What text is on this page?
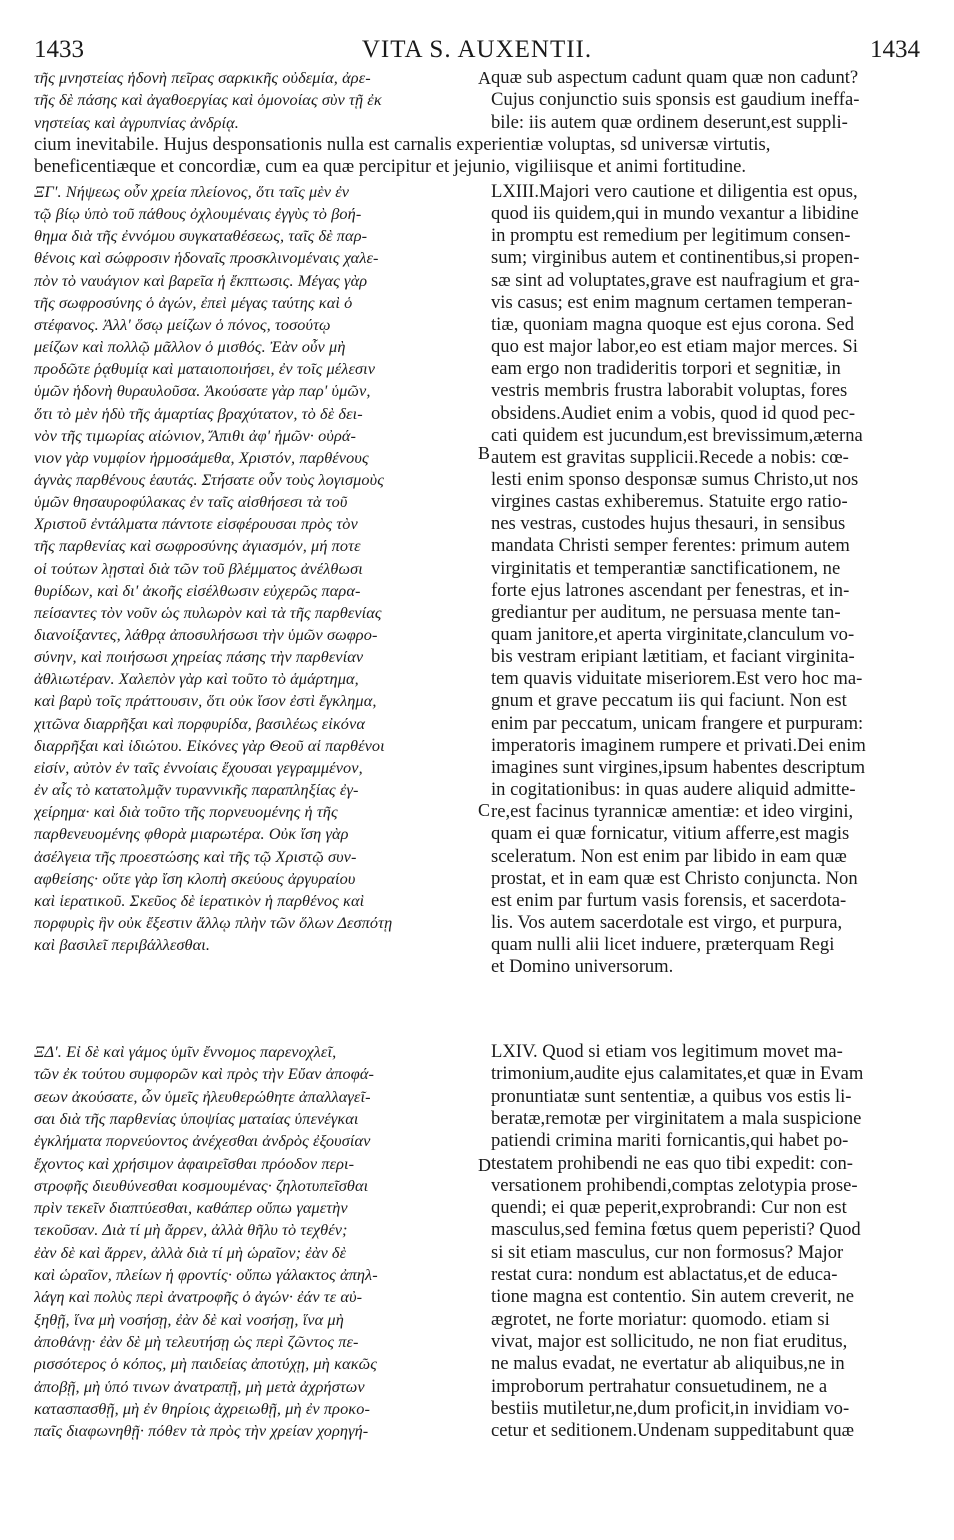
1433	VITA S. AUXENTII.	1434
τῆς μνηστείας ἡδονὴ πεῖρας σαρκικῆς οὐδεμία, ἀρε-
τῆς δὲ πάσης καὶ ἀγαθοεργίας καὶ ὁμονοίας σὺν τῇ ἐκ
νηστείας καὶ ἀγρυπνίας ἀνδρίᾳ.
quæ sub aspectum cadunt quam quæ non cadunt?
Cujus conjunctio suis sponsis est gaudium ineffa-
bile: iis autem quæ ordinem deserunt,est suppli-
cium inevitabile. Hujus desponsationis nulla est carnalis experientiæ voluptas, sd universæ virtutis,
beneficentiæque et concordiæ, cum ea quæ percipitur et jejunio, vigiliisque et animi fortitudine.
ΞΓ'. Νήψεως οὖν χρεία πλείονος, ὅτι ταῖς μὲν ἐν
τῷ βίῳ ὑπὸ τοῦ πάθους ὀχλουμέναις ἐγγὺς τὸ βοή-
θημα διὰ τῆς ἐννόμου συγκαταθέσεως, ταῖς δὲ παρ-
θένοις καὶ σώφροσιν ἡδοναῖς προσκλινομέναις χαλε-
πὸν τὸ ναυάγιον καὶ βαρεῖα ἡ ἔκπτωσις. Μέγας γὰρ
τῆς σωφροσύνης ὁ ἀγών, ἐπεὶ μέγας ταύτης καὶ ὁ
στέφανος. Ἀλλ' ὅσῳ μείζων ὁ πόνος, τοσούτῳ
μείζων καὶ πολλῷ μᾶλλον ὁ μισθός. Ἐὰν οὖν μὴ
προδῶτε ῥᾳθυμίᾳ καὶ ματαιοποιήσει, ἐν τοῖς μέλεσιν
ὑμῶν ἡδονὴ θυραυλοῦσα. Ἀκούσατε γὰρ παρ' ὑμῶν,
ὅτι τὸ μὲν ἡδὺ τῆς ἁμαρτίας βραχύτατον, τὸ δὲ δει-
νὸν τῆς τιμωρίας αἰώνιον, Ἄπιθι ἀφ' ἡμῶν· οὐρά-
νιον γὰρ νυμφίον ἡρμοσάμεθα, Χριστόν, παρθένους
ἁγνὰς παρθένους ἑαυτάς. Στήσατε οὖν τοὺς λογισμοὺς
ὑμῶν θησαυροφύλακας ἐν ταῖς αἰσθήσεσι τὰ τοῦ
Χριστοῦ ἐντάλματα πάντοτε εἰσφέρουσαι πρὸς τὸν
τῆς παρθενίας καὶ σωφροσύνης ἁγιασμόν, μή ποτε
οἱ τούτων λῃσταὶ διὰ τῶν τοῦ βλέμματος ἀνέλθωσι
θυρίδων, καὶ δι' ἀκοῆς εἰσέλθωσιν εὐχερῶς παρα-
πείσαντες τὸν νοῦν ὡς πυλωρὸν καὶ τὰ τῆς παρθενίας
διανοίξαντες, λάθρᾳ ἀποσυλήσωσι τὴν ὑμῶν σωφρο-
σύνην, καὶ ποιήσωσι χηρείας πάσης τὴν παρθενίαν
ἀθλιωτέραν. Χαλεπὸν γὰρ καὶ τοῦτο τὸ ἁμάρτημα,
καὶ βαρὺ τοῖς πράττουσιν, ὅτι οὐκ ἴσον ἐστὶ ἔγκλημα,
χιτῶνα διαρρῆξαι καὶ πορφυρίδα, βασιλέως εἰκόνα
διαρρῆξαι καὶ ἰδιώτου. Εἰκόνες γὰρ Θεοῦ αἱ παρθένοι
εἰσίν, αὐτὸν ἐν ταῖς ἐννοίαις ἔχουσαι γεγραμμένον,
ἐν αἷς τὸ κατατολμᾷν τυραννικῆς παραπληξίας ἐγ-
χείρημα· καὶ διὰ τοῦτο τῆς πορνευομένης ἡ τῆς
παρθενευομένης φθορὰ μιαρωτέρα. Οὐκ ἴση γὰρ
ἀσέλγεια τῆς προεστώσης καὶ τῆς τῷ Χριστῷ συν-
αφθείσης· οὔτε γὰρ ἴση κλοπὴ σκεύους ἀργυραίου
καὶ ἱερατικοῦ. Σκεῦος δὲ ἱερατικὸν ἡ παρθένος καὶ
πορφυρὶς ἣν οὐκ ἔξεστιν ἄλλῳ πλὴν τῶν ὅλων Δεσπότῃ
καὶ βασιλεῖ περιβάλλεσθαι.
LXIII.Majori vero cautione et diligentia est opus,
quod iis quidem,qui in mundo vexantur a libidine
in promptu est remedium per legitimum consen-
sum; virginibus autem et continentibus,si propen-
sæ sint ad voluptates,grave est naufragium et gra-
vis casus; est enim magnum certamen temperan-
tiæ, quoniam magna quoque est ejus corona. Sed
quo est major labor,eo est etiam major merces. Si
eam ergo non tradideritis torpori et segnitiæ, in
vestris membris frustra laborabit voluptas, fores
obsidens.Audiet enim a vobis, quod id quod pec-
cati quidem est jucundum,est brevissimum,æterna
autem est gravitas supplicii.Recede a nobis: cœ-
lesti enim sponso desponsæ sumus Christo,ut nos
virgines castas exhiberemus. Statuite ergo ratio-
nes vestras, custodes hujus thesauri, in sensibus
mandata Christi semper ferentes: primum autem
virginitatis et temperantiæ sanctificationem, ne
forte ejus latrones ascendant per fenestras, et in-
grediantur per auditum, ne persuasa mente tan-
quam janitore,et aperta virginitate,clanculum vo-
bis vestram eripiant lætitiam, et faciant virginita-
tem quavis viduitate miseriorem.Est vero hoc ma-
gnum et grave peccatum iis qui faciunt. Non est
enim par peccatum, unicam frangere et purpuram:
imperatoris imaginem rumpere et privati.Dei enim
imagines sunt virgines,ipsum habentes descriptum
in cogitationibus: in quas audere aliquid admitte-
re,est facinus tyrannicæ amentiæ: et ideo virgini,
quam ei quæ fornicatur, vitium afferre,est magis
sceleratum. Non est enim par libido in eam quæ
prostat, et in eam quæ est Christo conjuncta. Non
est enim par furtum vasis forensis, et sacerdota-
lis. Vos autem sacerdotale est virgo, et purpura,
quam nulli alii licet induere, præterquam Regi
et Domino universorum.
ΞΔ'. Εἰ δὲ καὶ γάμος ὑμῖν ἔννομος παρενοχλεῖ,
τῶν ἐκ τούτου συμφορῶν καὶ πρὸς τὴν Εὔαν ἀποφά-
σεων ἀκούσατε, ὧν ὑμεῖς ἠλευθερώθητε ἀπαλλαγεῖ-
σαι διὰ τῆς παρθενίας ὑποψίας ματαίας ὑπενέγκαι
ἐγκλήματα πορνεύοντος ἀνέχεσθαι ἀνδρὸς ἐξουσίαν
ἔχοντος καὶ χρήσιμον ἀφαιρεῖσθαι πρόοδον περι-
στροφῆς διευθύνεσθαι κοσμουμένας· ζηλοτυπεῖσθαι
πρὶν τεκεῖν διαπτύεσθαι, καθάπερ οὔπω γαμετὴν
τεκοῦσαν. Διὰ τί μὴ ἄρρεν, ἀλλὰ θῆλυ τὸ τεχθέν;
ἐὰν δὲ καὶ ἄρρεν, ἀλλὰ διὰ τί μὴ ὡραῖον; ἐὰν δὲ
καὶ ὡραῖον, πλείων ἡ φροντίς· οὔπω γάλακτος ἀπηλ-
λάγη καὶ πολὺς περὶ ἀνατροφῆς ὁ ἀγών· ἐάν τε αὐ-
ξηθῇ, ἵνα μὴ νοσήσῃ, ἐὰν δὲ καὶ νοσήσῃ, ἵνα μὴ
ἀποθάνῃ· ἐὰν δὲ μὴ τελευτήσῃ ὡς περὶ ζῶντος πε-
ρισσότερος ὁ κόπος, μὴ παιδείας ἀποτύχῃ, μὴ κακῶς
ἀποβῇ, μὴ ὑπό τινων ἀνατραπῇ, μὴ μετὰ ἀχρήστων
κατασπασθῇ, μὴ ἐν θηρίοις ἀχρειωθῇ, μὴ ἐν προκο-
παῖς διαφωνηθῇ· πόθεν τὰ πρὸς τὴν χρείαν χορηγή-
LXIV. Quod si etiam vos legitimum movet ma-
trimonium,audite ejus calamitates,et quæ in Evam
pronuntiatæ sunt sententiæ, a quibus vos estis li-
beratæ,remotæ per virginitatem a mala suspicione
patiendi crimina mariti fornicantis,qui habet po-
testatem prohibendi ne eas quo tibi expedit: con-
versationem prohibendi,comptas zelotypia prose-
quendi; ei quæ peperit,exprobrandi: Cur non est
masculus,sed femina fœtus quem peperisti? Quod
si sit etiam masculus, cur non formosus? Major
restat cura: nondum est ablactatus,et de educa-
tione magna est contentio. Sin autem creverit, ne
ægrotet, ne forte moriatur: quomodo. etiam si
vivat, major est sollicitudo, ne non fiat eruditus,
ne malus evadat, ne evertatur ab aliquibus,ne in
improborum pertrahatur consuetudinem, ne a
bestiis mutiletur,ne,dum proficit,in invidiam vo-
cetur et seditionem.Undenam suppeditabunt quæ
A
B
C
D
